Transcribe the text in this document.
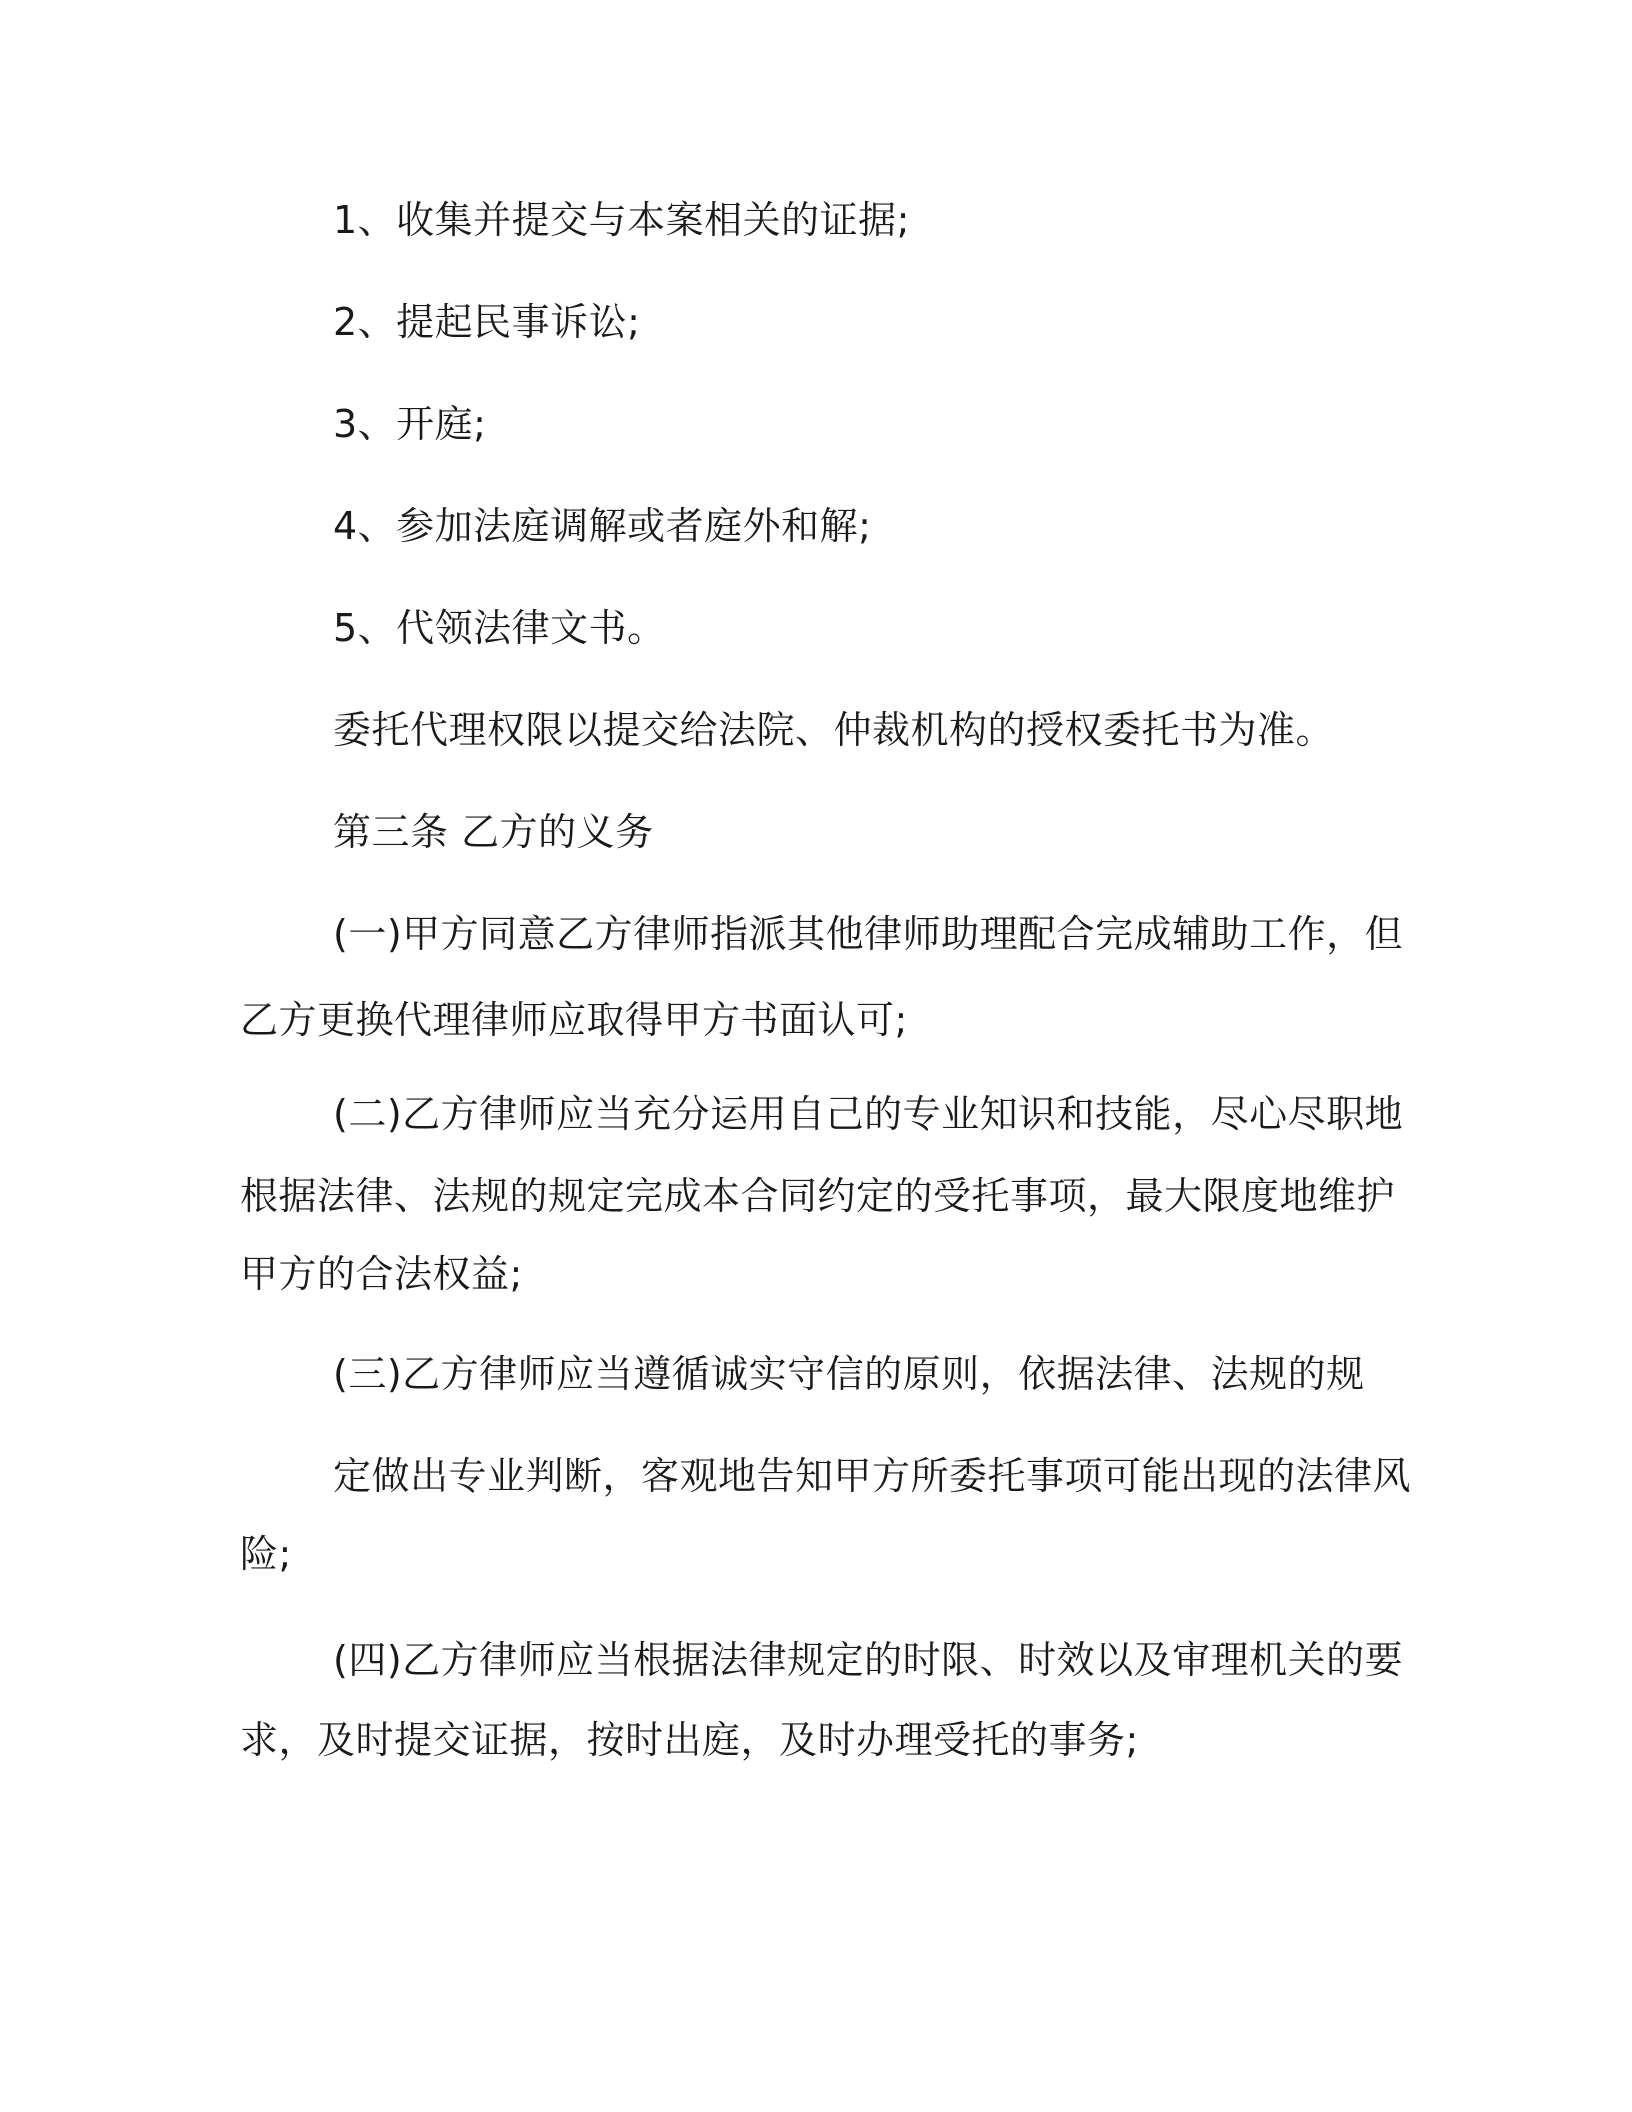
1、收集并提交与本案相关的证据;
2、提起民事诉讼;
3、开庭;
4、参加法庭调解或者庭外和解;
5、代领法律文书。
委托代理权限以提交给法院、仲裁机构的授权委托书为准。
第三条 乙方的义务
(一)甲方同意乙方律师指派其他律师助理配合完成辅助工作，但
乙方更换代理律师应取得甲方书面认可;
(二)乙方律师应当充分运用自己的专业知识和技能，尽心尽职地
根据法律、法规的规定完成本合同约定的受托事项，最大限度地维护
甲方的合法权益;
(三)乙方律师应当遵循诚实守信的原则，依据法律、法规的规
定做出专业判断，客观地告知甲方所委托事项可能出现的法律风
险;
(四)乙方律师应当根据法律规定的时限、时效以及审理机关的要
求，及时提交证据，按时出庭，及时办理受托的事务;
